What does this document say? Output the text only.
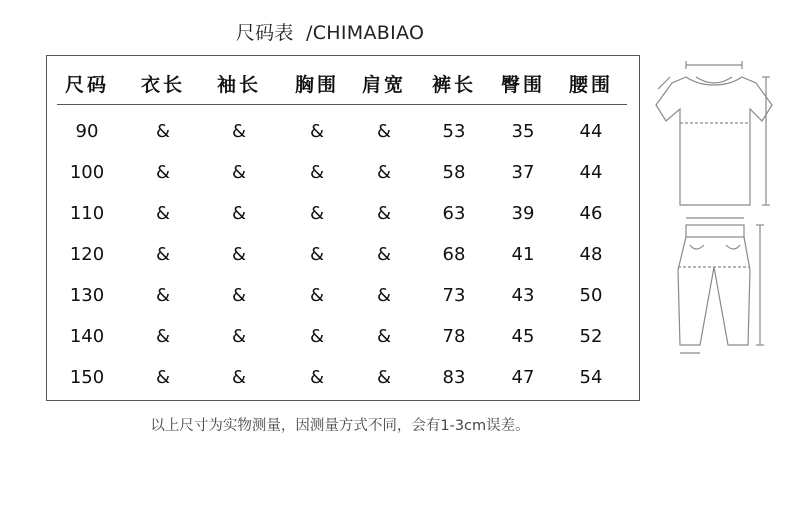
尺码表 /CHIMABIAO
尺码	衣长	袖长	胸围	肩宽	裤长	臀围	腰围
90	&	&	&	&	53	35	44
100	&	&	&	&	58	37	44
110	&	&	&	&	63	39	46
120	&	&	&	&	68	41	48
130	&	&	&	&	73	43	50
140	&	&	&	&	78	45	52
150	&	&	&	&	83	47	54
以上尺寸为实物测量，因测量方式不同，会有1-3cm误差。
